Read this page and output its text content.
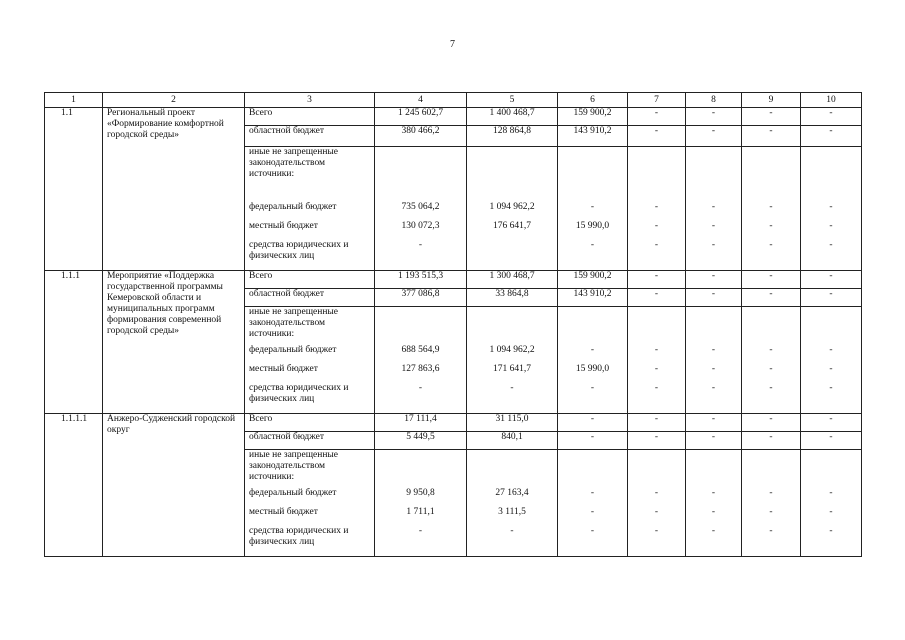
7
1	2	3	4	5	6	7	8	9	10
1.1	Региональный проект «Формирование комфортной городской среды»	Всего	1 245 602,7	1 400 468,7	159 900,2	-	-	-	-
		областной бюджет	380 466,2	128 864,8	143 910,2	-	-	-	-
		иные не запрещенные законодательством источники:							
		федеральный бюджет	735 064,2	1 094 962,2	-	-	-	-	-
		местный бюджет	130 072,3	176 641,7	15 990,0	-	-	-	-
		средства юридических и физических лиц	-		-	-	-	-	-
1.1.1	Мероприятие «Поддержка государственной программы Кемеровской области и муниципальных программ формирования современной городской среды»	Всего	1 193 515,3	1 300 468,7	159 900,2	-	-	-	-
		областной бюджет	377 086,8	33 864,8	143 910,2	-	-	-	-
		иные не запрещенные законодательством источники:							
		федеральный бюджет	688 564,9	1 094 962,2	-	-	-	-	-
		местный бюджет	127 863,6	171 641,7	15 990,0	-	-	-	-
		средства юридических и физических лиц	-	-	-	-	-	-	-
1.1.1.1	Анжеро-Судженский городской округ	Всего	17 111,4	31 115,0	-	-	-	-	-
		областной бюджет	5 449,5	840,1	-	-	-	-	-
		иные не запрещенные законодательством источники:							
		федеральный бюджет	9 950,8	27 163,4	-	-	-	-	-
		местный бюджет	1 711,1	3 111,5	-	-	-	-	-
		средства юридических и физических лиц	-	-	-	-	-	-	-
